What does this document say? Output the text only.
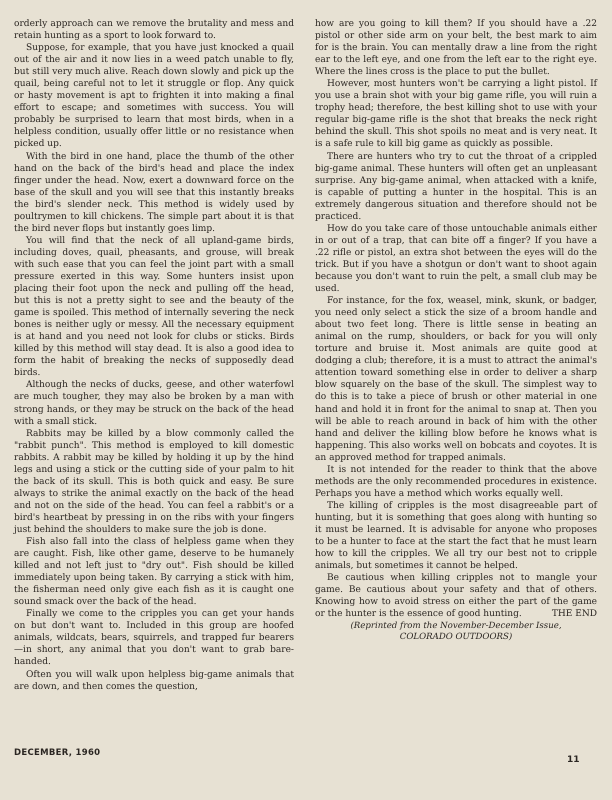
orderly approach can we remove the brutality and mess and retain hunting as a sport to look forward to.

Suppose, for example, that you have just knocked a quail out of the air and it now lies in a weed patch unable to fly, but still very much alive. Reach down slowly and pick up the quail, being careful not to let it struggle or flop. Any quick or hasty movement is apt to frighten it into making a final effort to escape; and sometimes with success. You will probably be surprised to learn that most birds, when in a helpless condition, usually offer little or no resistance when picked up.

With the bird in one hand, place the thumb of the other hand on the back of the bird's head and place the index finger under the head. Now, exert a downward force on the base of the skull and you will see that this instantly breaks the bird's slender neck. This method is widely used by poultrymen to kill chickens. The simple part about it is that the bird never flops but instantly goes limp.

You will find that the neck of all upland-game birds, including doves, quail, pheasants, and grouse, will break with such ease that you can feel the joint part with a small pressure exerted in this way. Some hunters insist upon placing their foot upon the neck and pulling off the head, but this is not a pretty sight to see and the beauty of the game is spoiled. This method of internally severing the neck bones is neither ugly or messy. All the necessary equipment is at hand and you need not look for clubs or sticks. Birds killed by this method will stay dead. It is also a good idea to form the habit of breaking the necks of supposedly dead birds.

Although the necks of ducks, geese, and other waterfowl are much tougher, they may also be broken by a man with strong hands, or they may be struck on the back of the head with a small stick.

Rabbits may be killed by a blow commonly called the "rabbit punch". This method is employed to kill domestic rabbits. A rabbit may be killed by holding it up by the hind legs and using a stick or the cutting side of your palm to hit the back of its skull. This is both quick and easy. Be sure always to strike the animal exactly on the back of the head and not on the side of the head. You can feel a rabbit's or a bird's heartbeat by pressing in on the ribs with your fingers just behind the shoulders to make sure the job is done.

Fish also fall into the class of helpless game when they are caught. Fish, like other game, deserve to be humanely killed and not left just to "dry out". Fish should be killed immediately upon being taken. By carrying a stick with him, the fisherman need only give each fish as it is caught one sound smack over the back of the head.

Finally we come to the cripples you can get your hands on but don't want to. Included in this group are hoofed animals, wildcats, bears, squirrels, and trapped fur bearers—in short, any animal that you don't want to grab bare-handed.

Often you will walk upon helpless big-game animals that are down, and then comes the question,

how are you going to kill them? If you should have a .22 pistol or other side arm on your belt, the best mark to aim for is the brain. You can mentally draw a line from the right ear to the left eye, and one from the left ear to the right eye. Where the lines cross is the place to put the bullet.

However, most hunters won't be carrying a light pistol. If you use a brain shot with your big game rifle, you will ruin a trophy head; therefore, the best killing shot to use with your regular big-game rifle is the shot that breaks the neck right behind the skull. This shot spoils no meat and is very neat. It is a safe rule to kill big game as quickly as possible.

There are hunters who try to cut the throat of a crippled big-game animal. These hunters will often get an unpleasant surprise. Any big-game animal, when attacked with a knife, is capable of putting a hunter in the hospital. This is an extremely dangerous situation and therefore should not be practiced.

How do you take care of those untouchable animals either in or out of a trap, that can bite off a finger? If you have a .22 rifle or pistol, an extra shot between the eyes will do the trick. But if you have a shotgun or don't want to shoot again because you don't want to ruin the pelt, a small club may be used.

For instance, for the fox, weasel, mink, skunk, or badger, you need only select a stick the size of a broom handle and about two feet long. There is little sense in beating an animal on the rump, shoulders, or back for you will only torture and bruise it. Most animals are quite good at dodging a club; therefore, it is a must to attract the animal's attention toward something else in order to deliver a sharp blow squarely on the base of the skull. The simplest way to do this is to take a piece of brush or other material in one hand and hold it in front for the animal to snap at. Then you will be able to reach around in back of him with the other hand and deliver the killing blow before he knows what is happening. This also works well on bobcats and coyotes. It is an approved method for trapped animals.

It is not intended for the reader to think that the above methods are the only recommended procedures in existence. Perhaps you have a method which works equally well.

The killing of cripples is the most disagreeable part of hunting, but it is something that goes along with hunting so it must be learned. It is advisable for anyone who proposes to be a hunter to face at the start the fact that he must learn how to kill the cripples. We all try our best not to cripple animals, but sometimes it cannot be helped.

Be cautious when killing cripples not to mangle your game. Be cautious about your safety and that of others. Knowing how to avoid stress on either the part of the game or the hunter is the essence of good hunting.	THE END

(Reprinted from the November-December Issue,
COLORADO OUTDOORS)
DECEMBER, 1960
11
